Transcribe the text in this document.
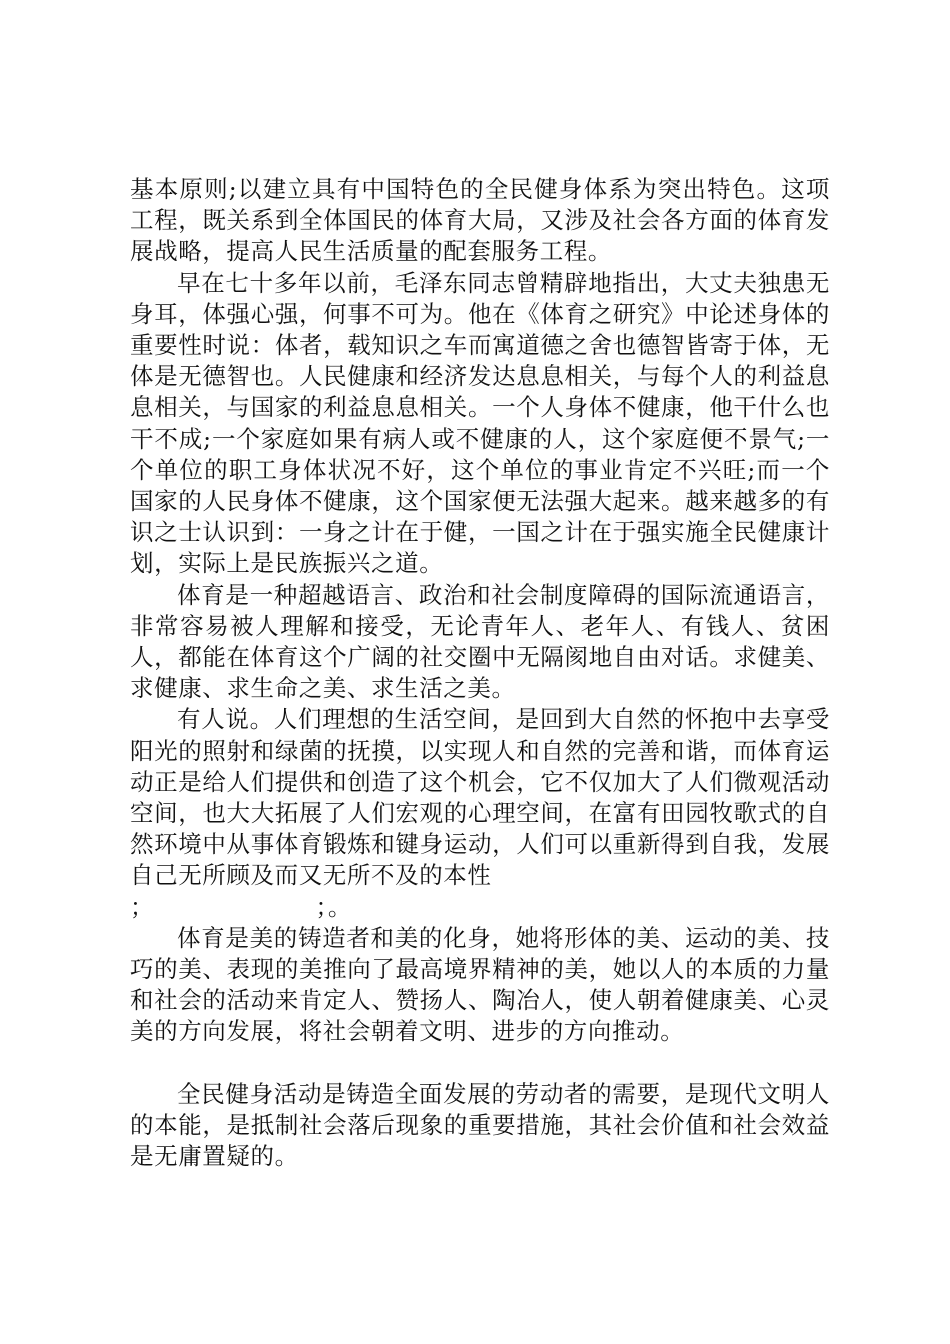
基本原则;以建立具有中国特色的全民健身体系为突出特色。这项工程，既关系到全体国民的体育大局，又涉及社会各方面的体育发展战略，提高人民生活质量的配套服务工程。

早在七十多年以前，毛泽东同志曾精辟地指出，大丈夫独患无身耳，体强心强，何事不可为。他在《体育之研究》中论述身体的重要性时说：体者，载知识之车而寓道德之舍也德智皆寄于体，无体是无德智也。人民健康和经济发达息息相关，与每个人的利益息息相关，与国家的利益息息相关。一个人身体不健康，他干什么也干不成;一个家庭如果有病人或不健康的人，这个家庭便不景气;一个单位的职工身体状况不好，这个单位的事业肯定不兴旺;而一个国家的人民身体不健康，这个国家便无法强大起来。越来越多的有识之士认识到：一身之计在于健，一国之计在于强实施全民健康计划，实际上是民族振兴之道。

体育是一种超越语言、政治和社会制度障碍的国际流通语言，非常容易被人理解和接受，无论青年人、老年人、有钱人、贫困人，都能在体育这个广阔的社交圈中无隔阂地自由对话。求健美、求健康、求生命之美、求生活之美。

有人说。人们理想的生活空间，是回到大自然的怀抱中去享受阳光的照射和绿菌的抚摸，以实现人和自然的完善和谐，而体育运动正是给人们提供和创造了这个机会，它不仅加大了人们微观活动空间，也大大拓展了人们宏观的心理空间，在富有田园牧歌式的自然环境中从事体育锻炼和键身运动，人们可以重新得到自我，发展自己无所顾及而又无所不及的本性

；                    ；。

体育是美的铸造者和美的化身，她将形体的美、运动的美、技巧的美、表现的美推向了最高境界精神的美，她以人的本质的力量和社会的活动来肯定人、赞扬人、陶冶人，使人朝着健康美、心灵美的方向发展，将社会朝着文明、进步的方向推动。

全民健身活动是铸造全面发展的劳动者的需要，是现代文明人的本能，是抵制社会落后现象的重要措施，其社会价值和社会效益是无庸置疑的。
